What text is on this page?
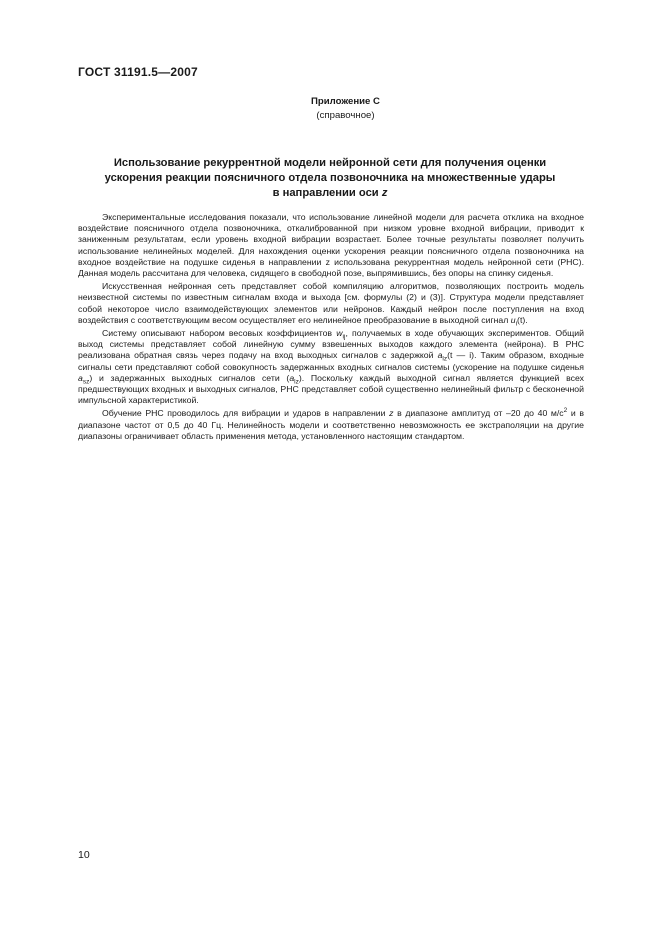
ГОСТ 31191.5—2007
Приложение С
(справочное)
Использование рекуррентной модели нейронной сети для получения оценки
ускорения реакции поясничного отдела позвоночника на множественные удары
в направлении оси z

Экспериментальные исследования показали, что использование линейной модели для расчета отклика на входное воздействие поясничного отдела позвоночника, откалиброванной при низком уровне входной вибрации, приводит к заниженным результатам, если уровень входной вибрации возрастает. Более точные результаты позволяет получить использование нелинейных моделей. Для нахождения оценки ускорения реакции поясничного отдела позвоночника на входное воздействие на подушке сиденья в направлении z использована рекуррентная модель нейронной сети (РНС). Данная модель рассчитана для человека, сидящего в свободной позе, выпрямившись, без опоры на спинку сиденья.

Искусственная нейронная сеть представляет собой компиляцию алгоритмов, позволяющих построить модель неизвестной системы по известным сигналам входа и выхода [см. формулы (2) и (3)]. Структура модели представляет собой некоторое число взаимодействующих элементов или нейронов. Каждый нейрон после поступления на вход воздействия с соответствующим весом осуществляет его нелинейное преобразование в выходной сигнал $u_i(t)$.

Систему описывают набором весовых коэффициентов $w_{ij}$, получаемых в ходе обучающих экспериментов. Общий выход системы представляет собой линейную сумму взвешенных выходов каждого элемента (нейрона). В РНС реализована обратная связь через подачу на вход выходных сигналов с задержкой $a_{lz}(t$ — i). Таким образом, входные сигналы сети представляют собой совокупность задержанных входных сигналов системы (ускорение на подушке сиденья $a_{sz}$) и задержанных выходных сигналов сети $(a_{lz})$. Поскольку каждый выходной сигнал является функцией всех предшествующих входных и выходных сигналов, РНС представляет собой существенно нелинейный фильтр с бесконечной импульсной характеристикой.

Обучение РНС проводилось для вибрации и ударов в направлении z в диапазоне амплитуд от –20 до 40 $м/с^2$ и в диапазоне частот от 0,5 до 40 Гц. Нелинейность модели и соответственно невозможность ее экстраполяции на другие диапазоны ограничивает область применения метода, установленного настоящим стандартом.

10
